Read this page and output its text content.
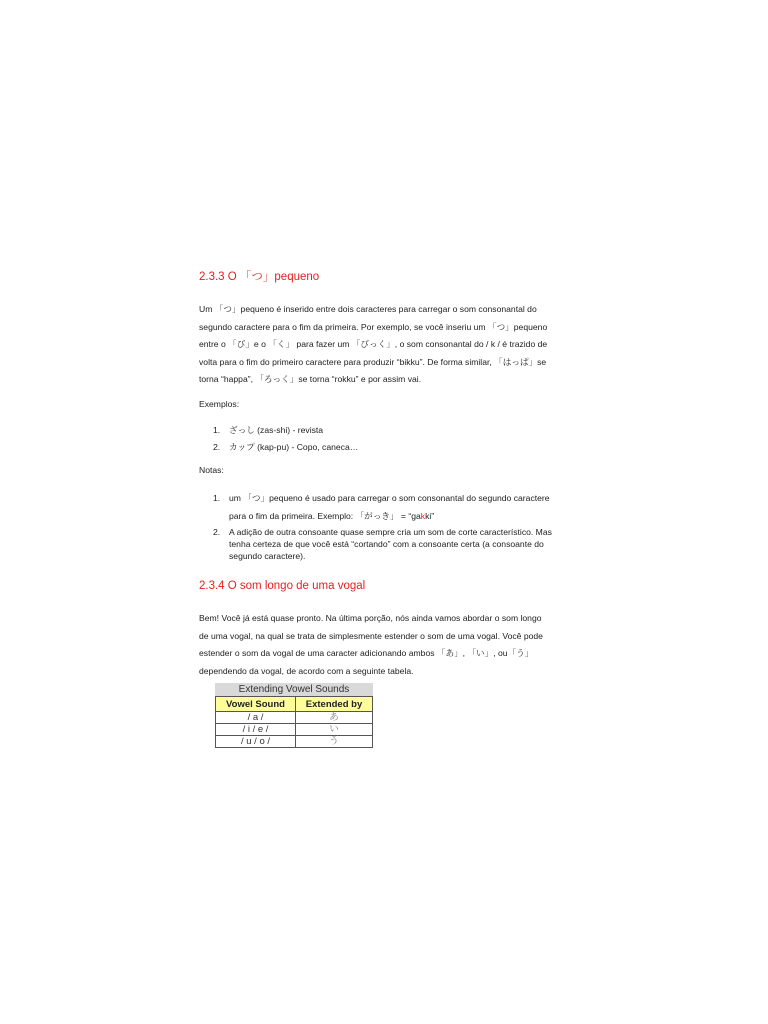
2.3.3 O 「つ」pequeno
Um 「つ」pequeno é inserido entre dois caracteres para carregar o som consonantal do
segundo caractere para o fim da primeira. Por exemplo, se você inseriu um 「つ」pequeno
entre o 「び」e o 「く」 para fazer um 「びっく」, o som consonantal do / k / é trazido de
volta para o fim do primeiro caractere para produzir “bikku”. De forma similar, 「はっぱ」se
torna “happa”, 「ろっく」se torna “rokku” e por assim vai.
Exemplos:
1. ざっし (zas-shi) - revista
2. カップ (kap-pu) - Copo, caneca…
Notas:
1. um 「つ」pequeno é usado para carregar o som consonantal do segundo caractere
para o fim da primeira. Exemplo: 「がっき」 = “gakki”
2. A adição de outra consoante quase sempre cria um som de corte característico. Mas tenha certeza de que você está “cortando” com a consoante certa (a consoante do segundo caractere).
2.3.4 O som longo de uma vogal
Bem! Você já está quase pronto. Na última porção, nós ainda vamos abordar o som longo
de uma vogal, na qual se trata de simplesmente estender o som de uma vogal. Você pode
estender o som da vogal de uma caracter adicionando ambos 「あ」, 「い」, ou「う」
dependendo da vogal, de acordo com a seguinte tabela.
Extending Vowel Sounds
Vowel Sound	Extended by
/ a /	あ
/ i / e /	い
/ u / o /	う
